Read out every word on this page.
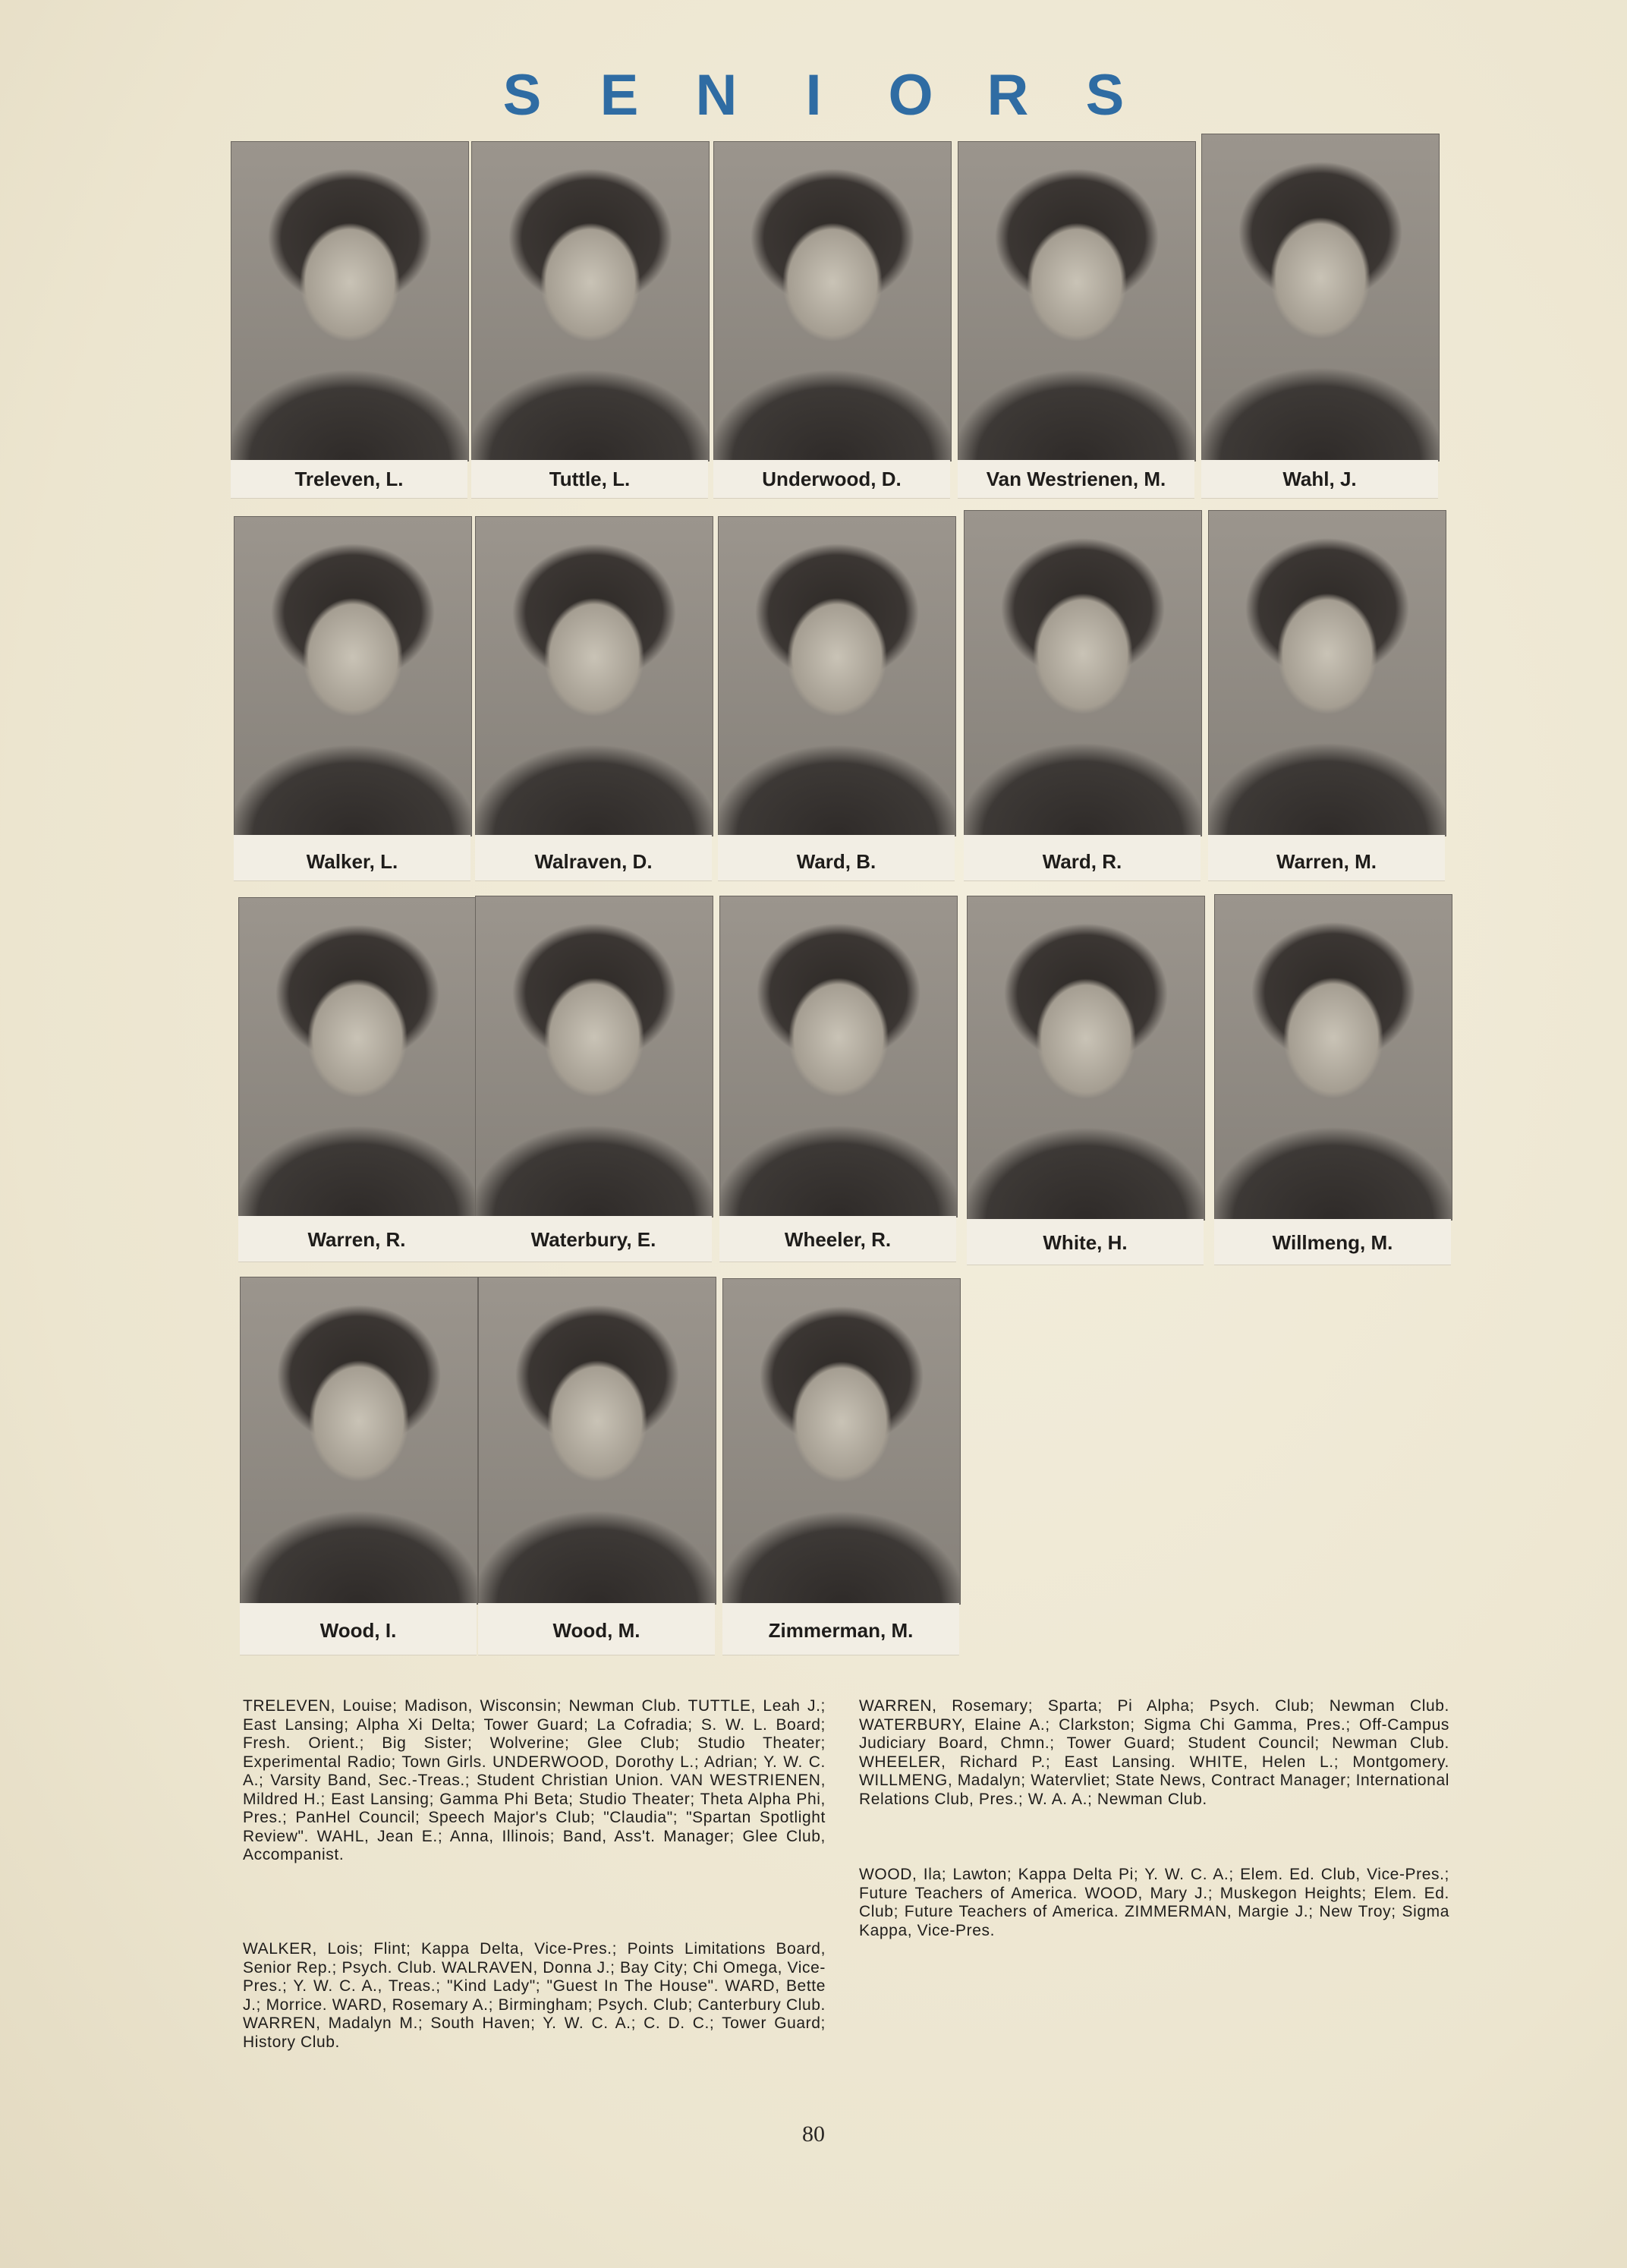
S E N I O R S
Treleven, L.	Tuttle, L.	Underwood, D.	Van Westrienen, M.	Wahl, J.
Walker, L.	Walraven, D.	Ward, B.	Ward, R.	Warren, M.
Warren, R.	Waterbury, E.	Wheeler, R.	White, H.	Willmeng, M.
Wood, I.	Wood, M.	Zimmerman, M.
TRELEVEN, Louise; Madison, Wisconsin; Newman Club. TUTTLE, Leah J.; East Lansing; Alpha Xi Delta; Tower Guard; La Cofradia; S. W. L. Board; Fresh. Orient.; Big Sister; Wolverine; Glee Club; Studio Theater; Experimental Radio; Town Girls. UNDERWOOD, Dorothy L.; Adrian; Y. W. C. A.; Varsity Band, Sec.-Treas.; Student Christian Union. VAN WESTRIENEN, Mildred H.; East Lansing; Gamma Phi Beta; Studio Theater; Theta Alpha Phi, Pres.; PanHel Council; Speech Major's Club; "Claudia"; "Spartan Spotlight Review". WAHL, Jean E.; Anna, Illinois; Band, Ass't. Manager; Glee Club, Accompanist.
WALKER, Lois; Flint; Kappa Delta, Vice-Pres.; Points Limitations Board, Senior Rep.; Psych. Club. WALRAVEN, Donna J.; Bay City; Chi Omega, Vice-Pres.; Y. W. C. A., Treas.; "Kind Lady"; "Guest In The House". WARD, Bette J.; Morrice. WARD, Rosemary A.; Birmingham; Psych. Club; Canterbury Club. WARREN, Madalyn M.; South Haven; Y. W. C. A.; C. D. C.; Tower Guard; History Club.
WARREN, Rosemary; Sparta; Pi Alpha; Psych. Club; Newman Club. WATERBURY, Elaine A.; Clarkston; Sigma Chi Gamma, Pres.; Off-Campus Judiciary Board, Chmn.; Tower Guard; Student Council; Newman Club. WHEELER, Richard P.; East Lansing. WHITE, Helen L.; Montgomery. WILLMENG, Madalyn; Watervliet; State News, Contract Manager; International Relations Club, Pres.; W. A. A.; Newman Club.
WOOD, Ila; Lawton; Kappa Delta Pi; Y. W. C. A.; Elem. Ed. Club, Vice-Pres.; Future Teachers of America. WOOD, Mary J.; Muskegon Heights; Elem. Ed. Club; Future Teachers of America. ZIMMERMAN, Margie J.; New Troy; Sigma Kappa, Vice-Pres.
80
